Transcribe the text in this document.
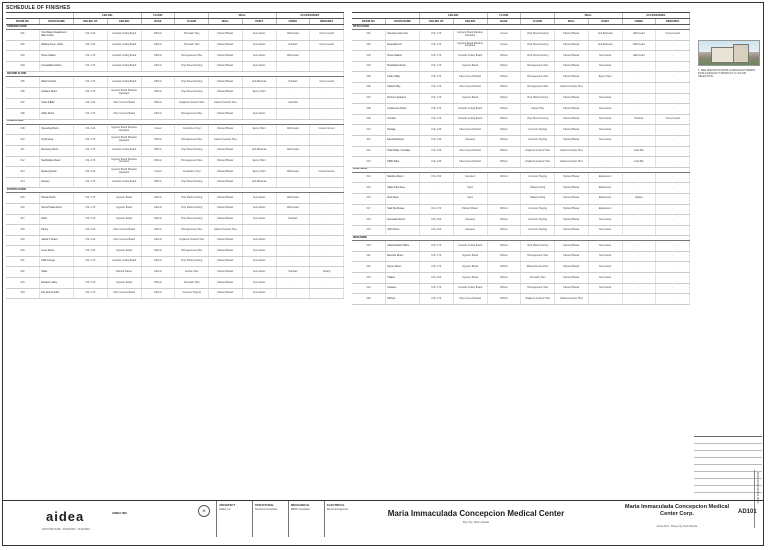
SCHEDULE OF FINISHES
		CEILING		FLOOR		WALL		ACCESSORIES	
ROOM NO.	ROOM NAME	CEILING HT.	CEILING	BASE	FLOOR	WALL	PAINT	FINISH	REMARKS
GROUND FLOOR									
001	Out-Patient Department Main Lobby	FCL 3.00	Acoustic Ceiling Board	300mm	Porcelain Tiles	Painted Plaster	Semi-Gloss	Wall Guard	Corner Guard
002	Waiting Area / Lobby	FCL 3.00	Acoustic Ceiling Board	150mm	Porcelain Tiles	Painted Plaster	Semi-Gloss	Handrail	Corner Guard
003	Nurse Station	FCL 2.70	Acoustic Ceiling Board	150mm	Homogeneous Tiles	Painted Plaster	Semi-Gloss	Wall Guard	-
004	Consultation Room	FCL 2.70	Acoustic Ceiling Board	100mm	Vinyl Sheet Flooring	Painted Plaster	Semi-Gloss	-	-
SECOND FLOOR									
005	Ward Corridor	FCL 2.70	Acoustic Ceiling Board	150mm	Vinyl Sheet Flooring	Painted Plaster	Anti-Bacterial	Handrail	Corner Guard
006	Isolation Room	FCL 2.70	Gypsum Board Moisture Resistant	100mm	Vinyl Sheet Flooring	Painted Plaster	Epoxy Paint	-	-
007	Toilet & Bath	FCL 2.40	Fiber Cement Board	150mm	Unglazed Ceramic Tiles	Glazed Ceramic Tiles	-	Grab Bar	-
008	Utility Room	FCL 2.70	Fiber Cement Board	100mm	Homogeneous Tiles	Painted Plaster	Semi-Gloss	-	-
THIRD FLOOR									
009	Operating Room	FCL 3.00	Gypsum Board Moisture Resistant	Coved	Conductive Vinyl	Painted Plaster	Epoxy Paint	Wall Guard	Coved Corners
010	Scrub Area	FCL 2.70	Gypsum Board Moisture Resistant	150mm	Homogeneous Tiles	Glazed Ceramic Tiles	-	-	-
011	Recovery Room	FCL 2.70	Acoustic Ceiling Board	150mm	Vinyl Sheet Flooring	Painted Plaster	Anti-Bacterial	Wall Guard	-
012	Sterilization Room	FCL 2.70	Gypsum Board Moisture Resistant	150mm	Homogeneous Tiles	Painted Plaster	Epoxy Paint	-	-
013	Delivery Room	FCL 3.00	Gypsum Board Moisture Resistant	Coved	Conductive Vinyl	Painted Plaster	Epoxy Paint	Wall Guard	Coved Corners
014	Nursery	FCL 2.70	Acoustic Ceiling Board	150mm	Vinyl Sheet Flooring	Painted Plaster	Anti-Bacterial	-	-
FOURTH FLOOR									
015	Private Room	FCL 2.70	Gypsum Board	100mm	Vinyl Plank Flooring	Painted Plaster	Semi-Gloss	Wall Guard	-
016	Semi-Private Room	FCL 2.70	Gypsum Board	100mm	Vinyl Plank Flooring	Painted Plaster	Semi-Gloss	Wall Guard	-
017	Ward	FCL 2.70	Gypsum Board	100mm	Vinyl Sheet Flooring	Painted Plaster	Semi-Gloss	Handrail	-
018	Pantry	FCL 2.40	Fiber Cement Board	100mm	Homogeneous Tiles	Glazed Ceramic Tiles	-	-	-
019	Janitor's Closet	FCL 2.40	Fiber Cement Board	100mm	Unglazed Ceramic Tiles	Painted Plaster	Semi-Gloss	-	-
020	Linen Room	FCL 2.40	Gypsum Board	100mm	Homogeneous Tiles	Painted Plaster	Semi-Gloss	-	-
021	Staff Lounge	FCL 2.70	Acoustic Ceiling Board	100mm	Vinyl Plank Flooring	Painted Plaster	Semi-Gloss	-	-
022	Stairs	-	Painted Plaster	100mm	Granite Tiles	Painted Plaster	Semi-Gloss	Handrail	Nosing
023	Elevator Lobby	FCL 2.70	Gypsum Board	150mm	Porcelain Tiles	Painted Plaster	Semi-Gloss	-	-
024	Fire Exit Corridor	FCL 2.70	Fiber Cement Board	100mm	Concrete Topping	Painted Plaster	Semi-Gloss	-	-
		CEILING		FLOOR		WALL		ACCESSORIES	
ROOM NO.	ROOM NAME	CEILING HT.	CEILING	BASE	FLOOR	WALL	PAINT	FINISH	REMARKS
FIFTH FLOOR									
001	Intensive Care Unit	FCL 2.70	Gypsum Board Moisture Resistant	Coved	Vinyl Sheet Flooring	Painted Plaster	Anti-Bacterial	Wall Guard	Corner Guard
002	Neonatal ICU	FCL 2.70	Gypsum Board Moisture Resistant	Coved	Vinyl Sheet Flooring	Painted Plaster	Anti-Bacterial	Wall Guard	-
003	Nurse Station	FCL 2.70	Acoustic Ceiling Board	150mm	Vinyl Sheet Flooring	Painted Plaster	Semi-Gloss	Wall Guard	-
004	Medication Room	FCL 2.70	Gypsum Board	100mm	Homogeneous Tiles	Painted Plaster	Semi-Gloss	-	-
005	Clean Utility	FCL 2.70	Fiber Cement Board	100mm	Homogeneous Tiles	Painted Plaster	Epoxy Paint	-	-
006	Soiled Utility	FCL 2.70	Fiber Cement Board	100mm	Homogeneous Tiles	Glazed Ceramic Tiles	-	-	-
007	Doctor's Quarters	FCL 2.70	Gypsum Board	100mm	Vinyl Plank Flooring	Painted Plaster	Semi-Gloss	-	-
008	Conference Room	FCL 2.70	Acoustic Ceiling Board	100mm	Carpet Tiles	Painted Plaster	Semi-Gloss	-	-
009	Corridor	FCL 2.70	Acoustic Ceiling Board	150mm	Vinyl Sheet Flooring	Painted Plaster	Semi-Gloss	Handrail	Corner Guard
010	Storage	FCL 2.40	Fiber Cement Board	100mm	Concrete Topping	Painted Plaster	Semi-Gloss	-	-
011	Electrical Room	FCL 2.40	Exposed	100mm	Concrete Topping	Painted Plaster	Semi-Gloss	-	-
012	Toilet (Male / Female)	FCL 2.40	Fiber Cement Board	150mm	Unglazed Ceramic Tiles	Glazed Ceramic Tiles	-	Grab Bar	-
013	PWD Toilet	FCL 2.40	Fiber Cement Board	150mm	Unglazed Ceramic Tiles	Glazed Ceramic Tiles	-	Grab Bar	-
ROOF DECK									
014	Machine Room	FCL 3.00	Exposed	100mm	Concrete Topping	Painted Plaster	Elastomeric	-	-
015	Water Tank Area	-	Open	-	Waterproofing	Painted Plaster	Elastomeric	-	-
016	Roof Deck	-	Open	-	Waterproofing	Painted Plaster	Elastomeric	Railing	-
017	Stair Penthouse	FCL 2.70	Painted Plaster	100mm	Concrete Topping	Painted Plaster	Elastomeric	-	-
018	Generator Room	FCL 3.00	Exposed	100mm	Concrete Topping	Painted Plaster	Semi-Gloss	-	-
019	AHU Room	FCL 3.00	Exposed	100mm	Concrete Topping	Painted Plaster	Semi-Gloss	-	-
MEZZANINE									
020	Administration Office	FCL 2.70	Acoustic Ceiling Board	100mm	Vinyl Plank Flooring	Painted Plaster	Semi-Gloss	-	-
021	Records Room	FCL 2.70	Gypsum Board	100mm	Homogeneous Tiles	Painted Plaster	Semi-Gloss	-	-
022	Server Room	FCL 2.70	Gypsum Board	100mm	Raised Access Floor	Painted Plaster	Semi-Gloss	-	-
023	Chapel	FCL 3.00	Gypsum Board	150mm	Porcelain Tiles	Painted Plaster	Semi-Gloss	-	-
024	Canteen	FCL 2.70	Acoustic Ceiling Board	150mm	Homogeneous Tiles	Painted Plaster	Semi-Gloss	-	-
025	Kitchen	FCL 2.70	Fiber Cement Board	150mm	Unglazed Ceramic Tiles	Glazed Ceramic Tiles	-	-	-
1. SEE SPECIFICATIONS & MANUFACTURER'S DATA FOR EXACT PRODUCT & COLOR SELECTION.
FOR CONSTRUCTION
aidea
ARCHITECTURE . INTERIORS . PLANNING
AIDEA INC.	N
ARCHITECT
AIDEA, Inc.
STRUCTURAL
Structural Consultant
MECHANICAL
MEPF Consultant
ELECTRICAL
Electrical Engineers	Maria Immaculada Concepcion Medical Center
Bay City, Metro Manila
Maria Immaculada Concepcion Medical Center Corp.
Roxas Blvd., Pasay City, Metro Manila
AD101
